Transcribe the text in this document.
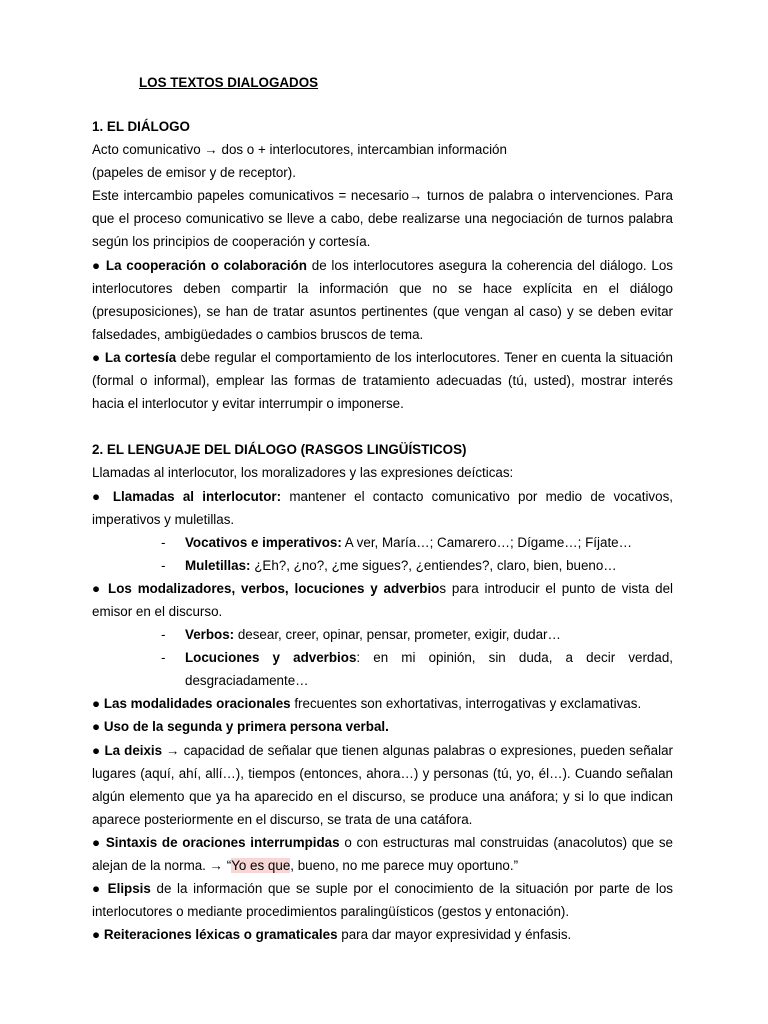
LOS TEXTOS DIALOGADOS

1. EL DIÁLOGO

Acto comunicativo → dos o + interlocutores, intercambian información

(papeles de emisor y de receptor).

Este intercambio papeles comunicativos = necesario→ turnos de palabra o intervenciones. Para que el proceso comunicativo se lleve a cabo, debe realizarse una negociación de turnos palabra según los principios de cooperación y cortesía.

● La cooperación o colaboración de los interlocutores asegura la coherencia del diálogo. Los interlocutores deben compartir la información que no se hace explícita en el diálogo (presuposiciones), se han de tratar asuntos pertinentes (que vengan al caso) y se deben evitar falsedades, ambigüedades o cambios bruscos de tema.

● La cortesía debe regular el comportamiento de los interlocutores. Tener en cuenta la situación (formal o informal), emplear las formas de tratamiento adecuadas (tú, usted), mostrar interés hacia el interlocutor y evitar interrumpir o imponerse.

2. EL LENGUAJE DEL DIÁLOGO (RASGOS LINGÜÍSTICOS)

Llamadas al interlocutor, los moralizadores y las expresiones deícticas:

● Llamadas al interlocutor: mantener el contacto comunicativo por medio de vocativos, imperativos y muletillas.

- Vocativos e imperativos: A ver, María…; Camarero…; Dígame…; Fíjate…

- Muletillas: ¿Eh?, ¿no?, ¿me sigues?, ¿entiendes?, claro, bien, bueno…

● Los modalizadores, verbos, locuciones y adverbios para introducir el punto de vista del emisor en el discurso.

- Verbos: desear, creer, opinar, pensar, prometer, exigir, dudar…

- Locuciones y adverbios: en mi opinión, sin duda, a decir verdad, desgraciadamente…

● Las modalidades oracionales frecuentes son exhortativas, interrogativas y exclamativas.

● Uso de la segunda y primera persona verbal.

● La deixis → capacidad de señalar que tienen algunas palabras o expresiones, pueden señalar lugares (aquí, ahí, allí…), tiempos (entonces, ahora…) y personas (tú, yo, él…). Cuando señalan algún elemento que ya ha aparecido en el discurso, se produce una anáfora; y si lo que indican aparece posteriormente en el discurso, se trata de una catáfora.

● Sintaxis de oraciones interrumpidas o con estructuras mal construidas (anacolutos) que se alejan de la norma. → “Yo es que, bueno, no me parece muy oportuno.”

● Elipsis de la información que se suple por el conocimiento de la situación por parte de los interlocutores o mediante procedimientos paralingüísticos (gestos y entonación).

● Reiteraciones léxicas o gramaticales para dar mayor expresividad y énfasis.
